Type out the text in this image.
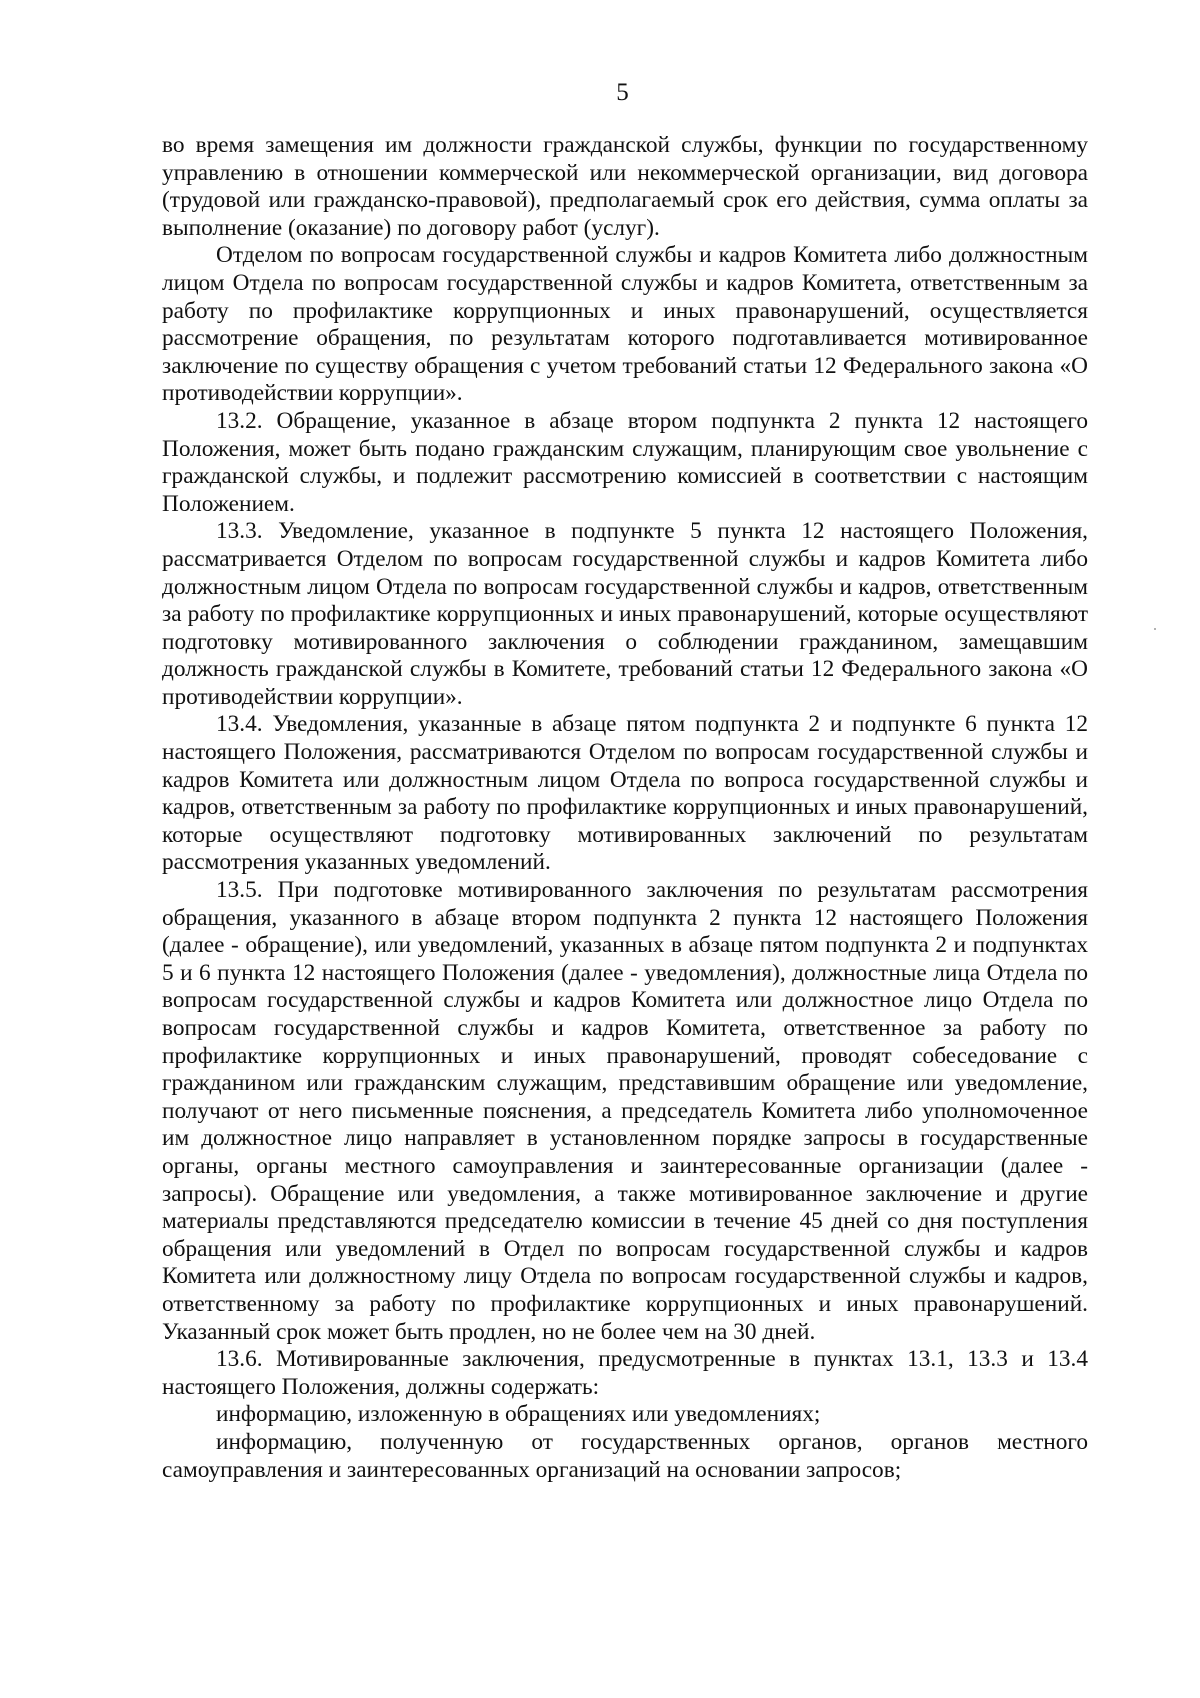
5

во время замещения им должности гражданской службы, функции по государственному управлению в отношении коммерческой или некоммерческой организации, вид договора (трудовой или гражданско-правовой), предполагаемый срок его действия, сумма оплаты за выполнение (оказание) по договору работ (услуг).

Отделом по вопросам государственной службы и кадров Комитета либо должностным лицом Отдела по вопросам государственной службы и кадров Комитета, ответственным за работу по профилактике коррупционных и иных правонарушений, осуществляется рассмотрение обращения, по результатам которого подготавливается мотивированное заключение по существу обращения с учетом требований статьи 12 Федерального закона «О противодействии коррупции».

13.2. Обращение, указанное в абзаце втором подпункта 2 пункта 12 настоящего Положения, может быть подано гражданским служащим, планирующим свое увольнение с гражданской службы, и подлежит рассмотрению комиссией в соответствии с настоящим Положением.

13.3. Уведомление, указанное в подпункте 5 пункта 12 настоящего Положения, рассматривается Отделом по вопросам государственной службы и кадров Комитета либо должностным лицом Отдела по вопросам государственной службы и кадров, ответственным за работу по профилактике коррупционных и иных правонарушений, которые осуществляют подготовку мотивированного заключения о соблюдении гражданином, замещавшим должность гражданской службы в Комитете, требований статьи 12 Федерального закона «О противодействии коррупции».

13.4. Уведомления, указанные в абзаце пятом подпункта 2 и подпункте 6 пункта 12 настоящего Положения, рассматриваются Отделом по вопросам государственной службы и кадров Комитета или должностным лицом Отдела по вопроса государственной службы и кадров, ответственным за работу по профилактике коррупционных и иных правонарушений, которые осуществляют подготовку мотивированных заключений по результатам рассмотрения указанных уведомлений.

13.5. При подготовке мотивированного заключения по результатам рассмотрения обращения, указанного в абзаце втором подпункта 2 пункта 12 настоящего Положения (далее - обращение), или уведомлений, указанных в абзаце пятом подпункта 2 и подпунктах 5 и 6 пункта 12 настоящего Положения (далее - уведомления), должностные лица Отдела по вопросам государственной службы и кадров Комитета или должностное лицо Отдела по вопросам государственной службы и кадров Комитета, ответственное за работу по профилактике коррупционных и иных правонарушений, проводят собеседование с гражданином или гражданским служащим, представившим обращение или уведомление, получают от него письменные пояснения, а председатель Комитета либо уполномоченное им должностное лицо направляет в установленном порядке запросы в государственные органы, органы местного самоуправления и заинтересованные организации (далее - запросы). Обращение или уведомления, а также мотивированное заключение и другие материалы представляются председателю комиссии в течение 45 дней со дня поступления обращения или уведомлений в Отдел по вопросам государственной службы и кадров Комитета или должностному лицу Отдела по вопросам государственной службы и кадров, ответственному за работу по профилактике коррупционных и иных правонарушений. Указанный срок может быть продлен, но не более чем на 30 дней.

13.6. Мотивированные заключения, предусмотренные в пунктах 13.1, 13.3 и 13.4 настоящего Положения, должны содержать:

информацию, изложенную в обращениях или уведомлениях;

информацию, полученную от государственных органов, органов местного самоуправления и заинтересованных организаций на основании запросов;
